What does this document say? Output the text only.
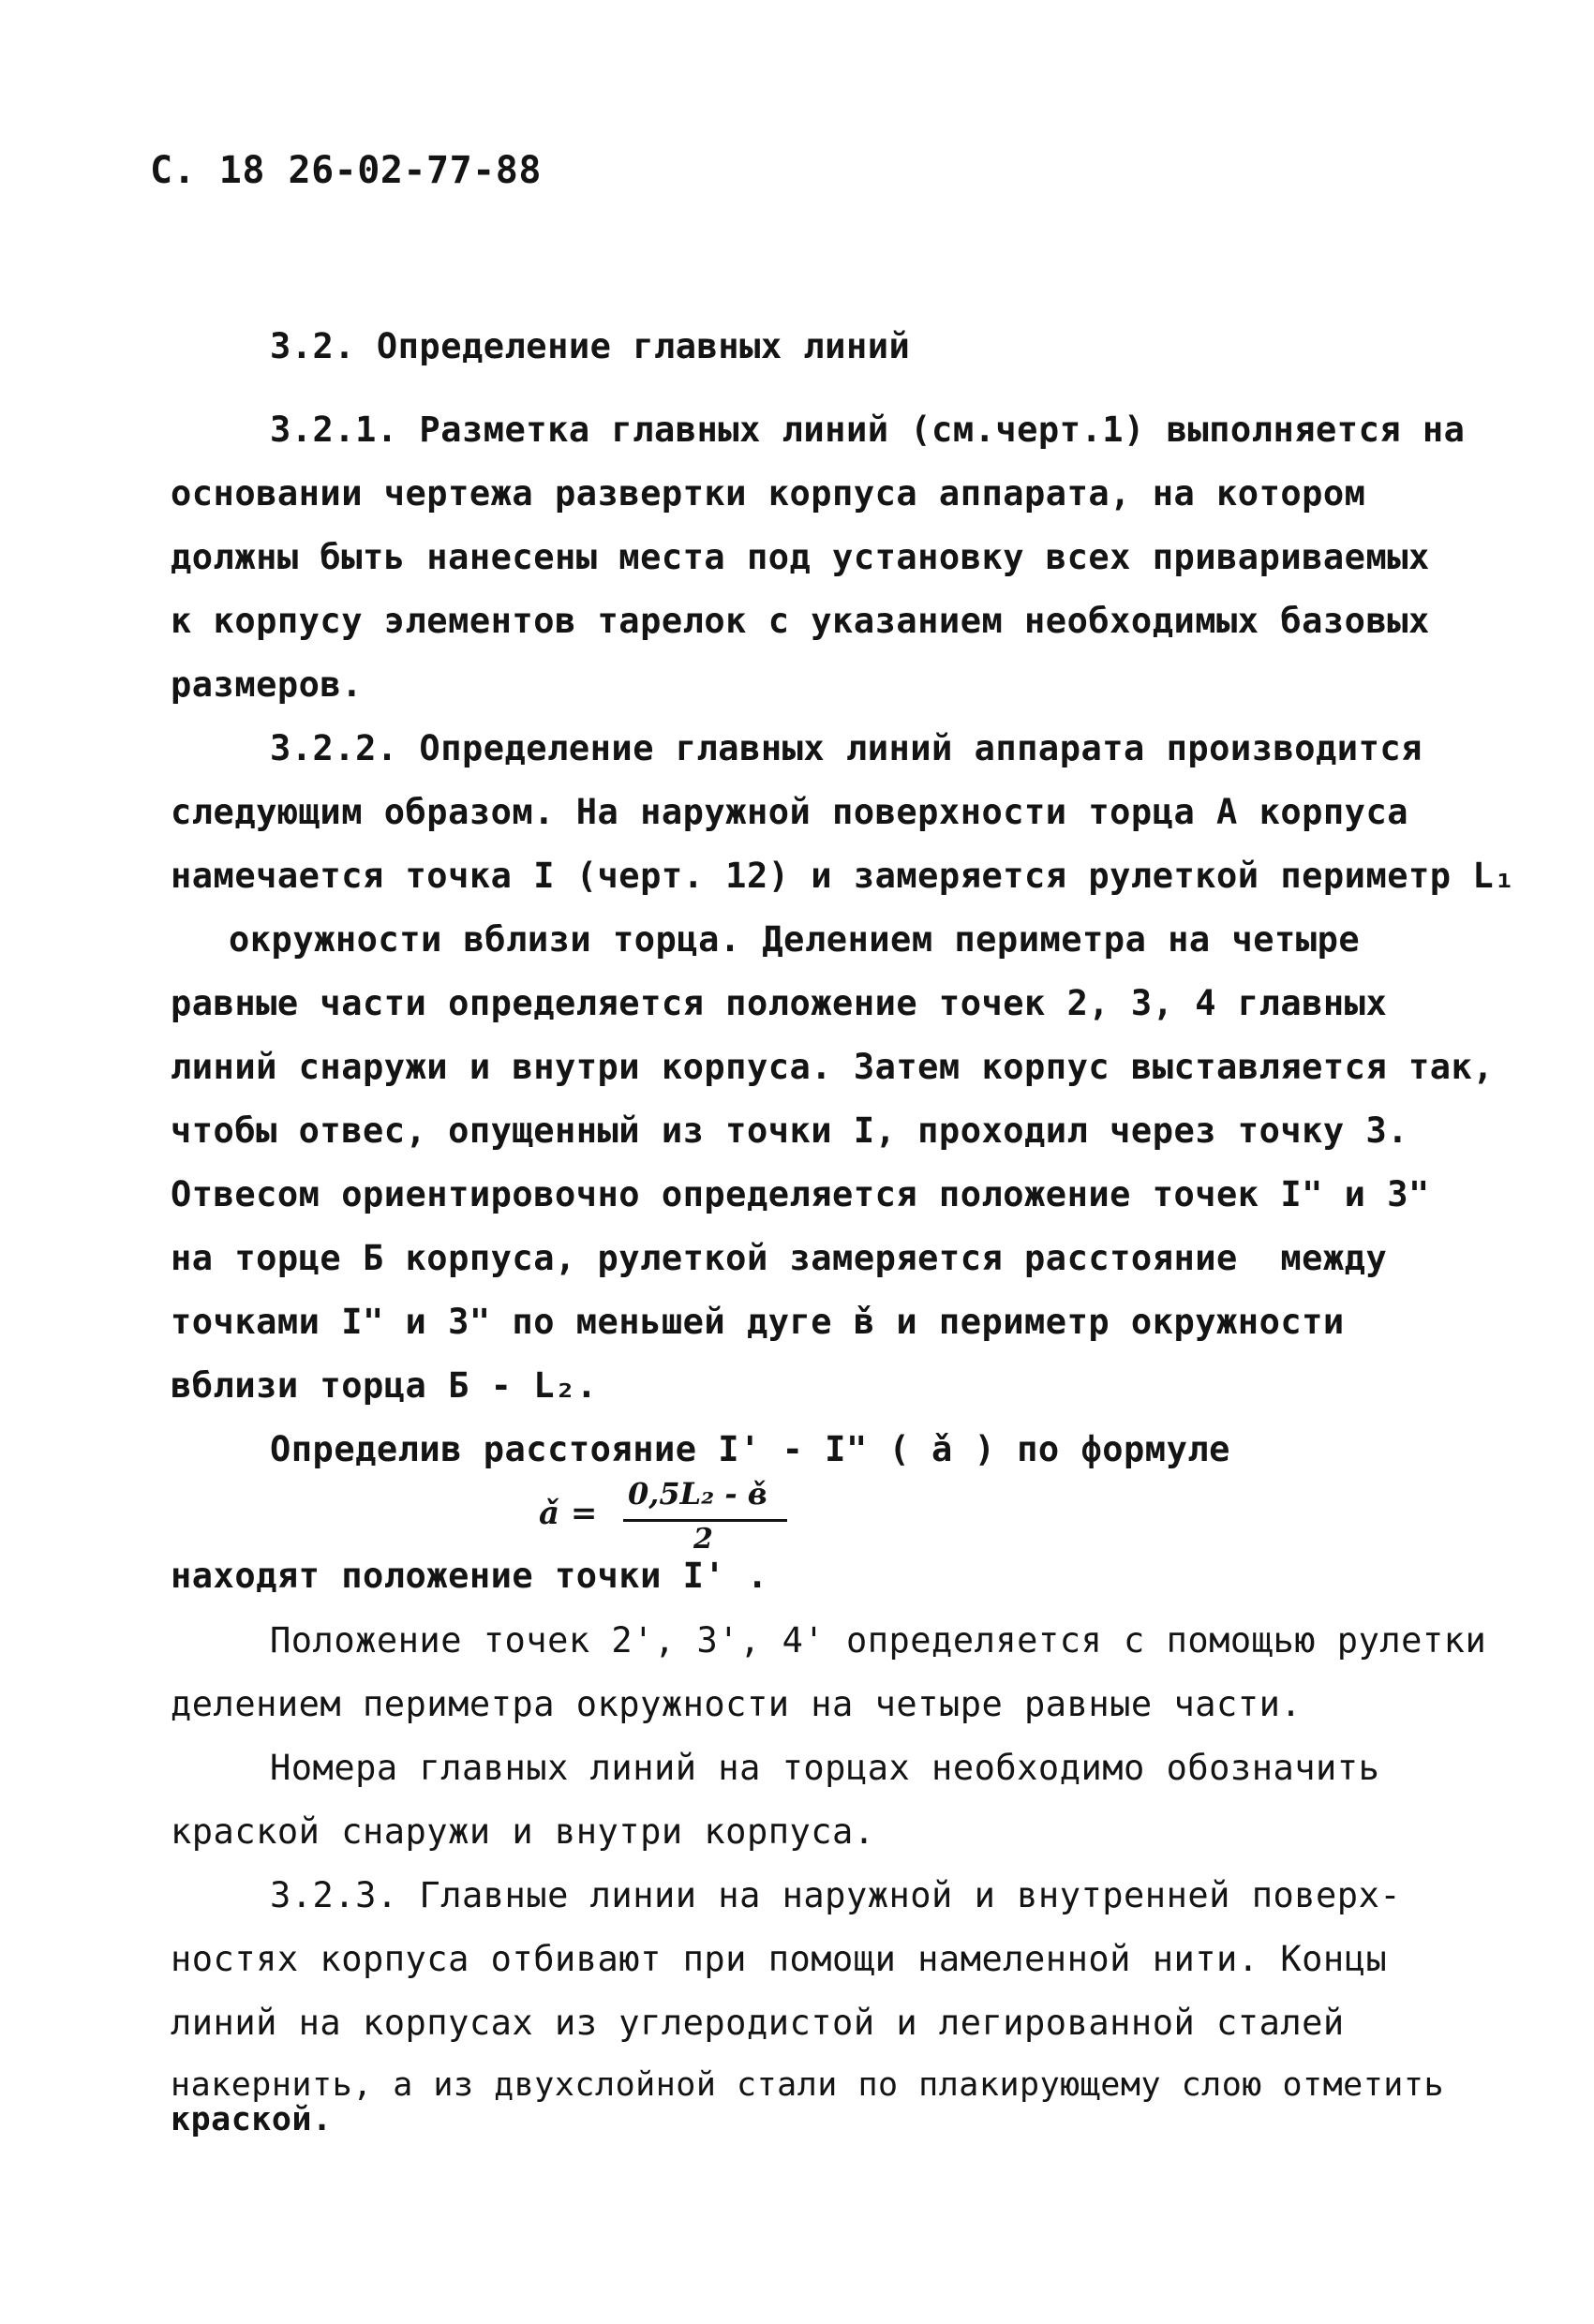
С. 18 26-02-77-88
3.2. Определение главных линий
3.2.1. Разметка главных линий (см.черт.1) выполняется на
основании чертежа развертки корпуса аппарата, на котором
должны быть нанесены места под установку всех привариваемых
к корпусу элементов тарелок с указанием необходимых базовых
размеров.
3.2.2. Определение главных линий аппарата производится
следующим образом. На наружной поверхности торца А корпуса
намечается точка I (черт. 12) и замеряется рулеткой периметр L₁
окружности вблизи торца. Делением периметра на четыре
равные части определяется положение точек 2, 3, 4 главных
линий снаружи и внутри корпуса. Затем корпус выставляется так,
чтобы отвес, опущенный из точки I, проходил через точку 3.
Отвесом ориентировочно определяется положение точек I" и 3"
на торце Б корпуса, рулеткой замеряется расстояние  между
точками I" и 3" по меньшей дуге в̌ и периметр окружности
вблизи торца Б - L₂.
Определив расстояние I' - I" ( а̌ ) по формуле
а̌ =
0,5L₂ - в̌
2
находят положение точки I' .
Положение точек 2', 3', 4' определяется с помощью рулетки
делением периметра окружности на четыре равные части.
Номера главных линий на торцах необходимо обозначить
краской снаружи и внутри корпуса.
3.2.3. Главные линии на наружной и внутренней поверх-
ностях корпуса отбивают при помощи намеленной нити. Концы
линий на корпусах из углеродистой и легированной сталей
накернить, а из двухслойной стали по плакирующему слою отметить
краской.
